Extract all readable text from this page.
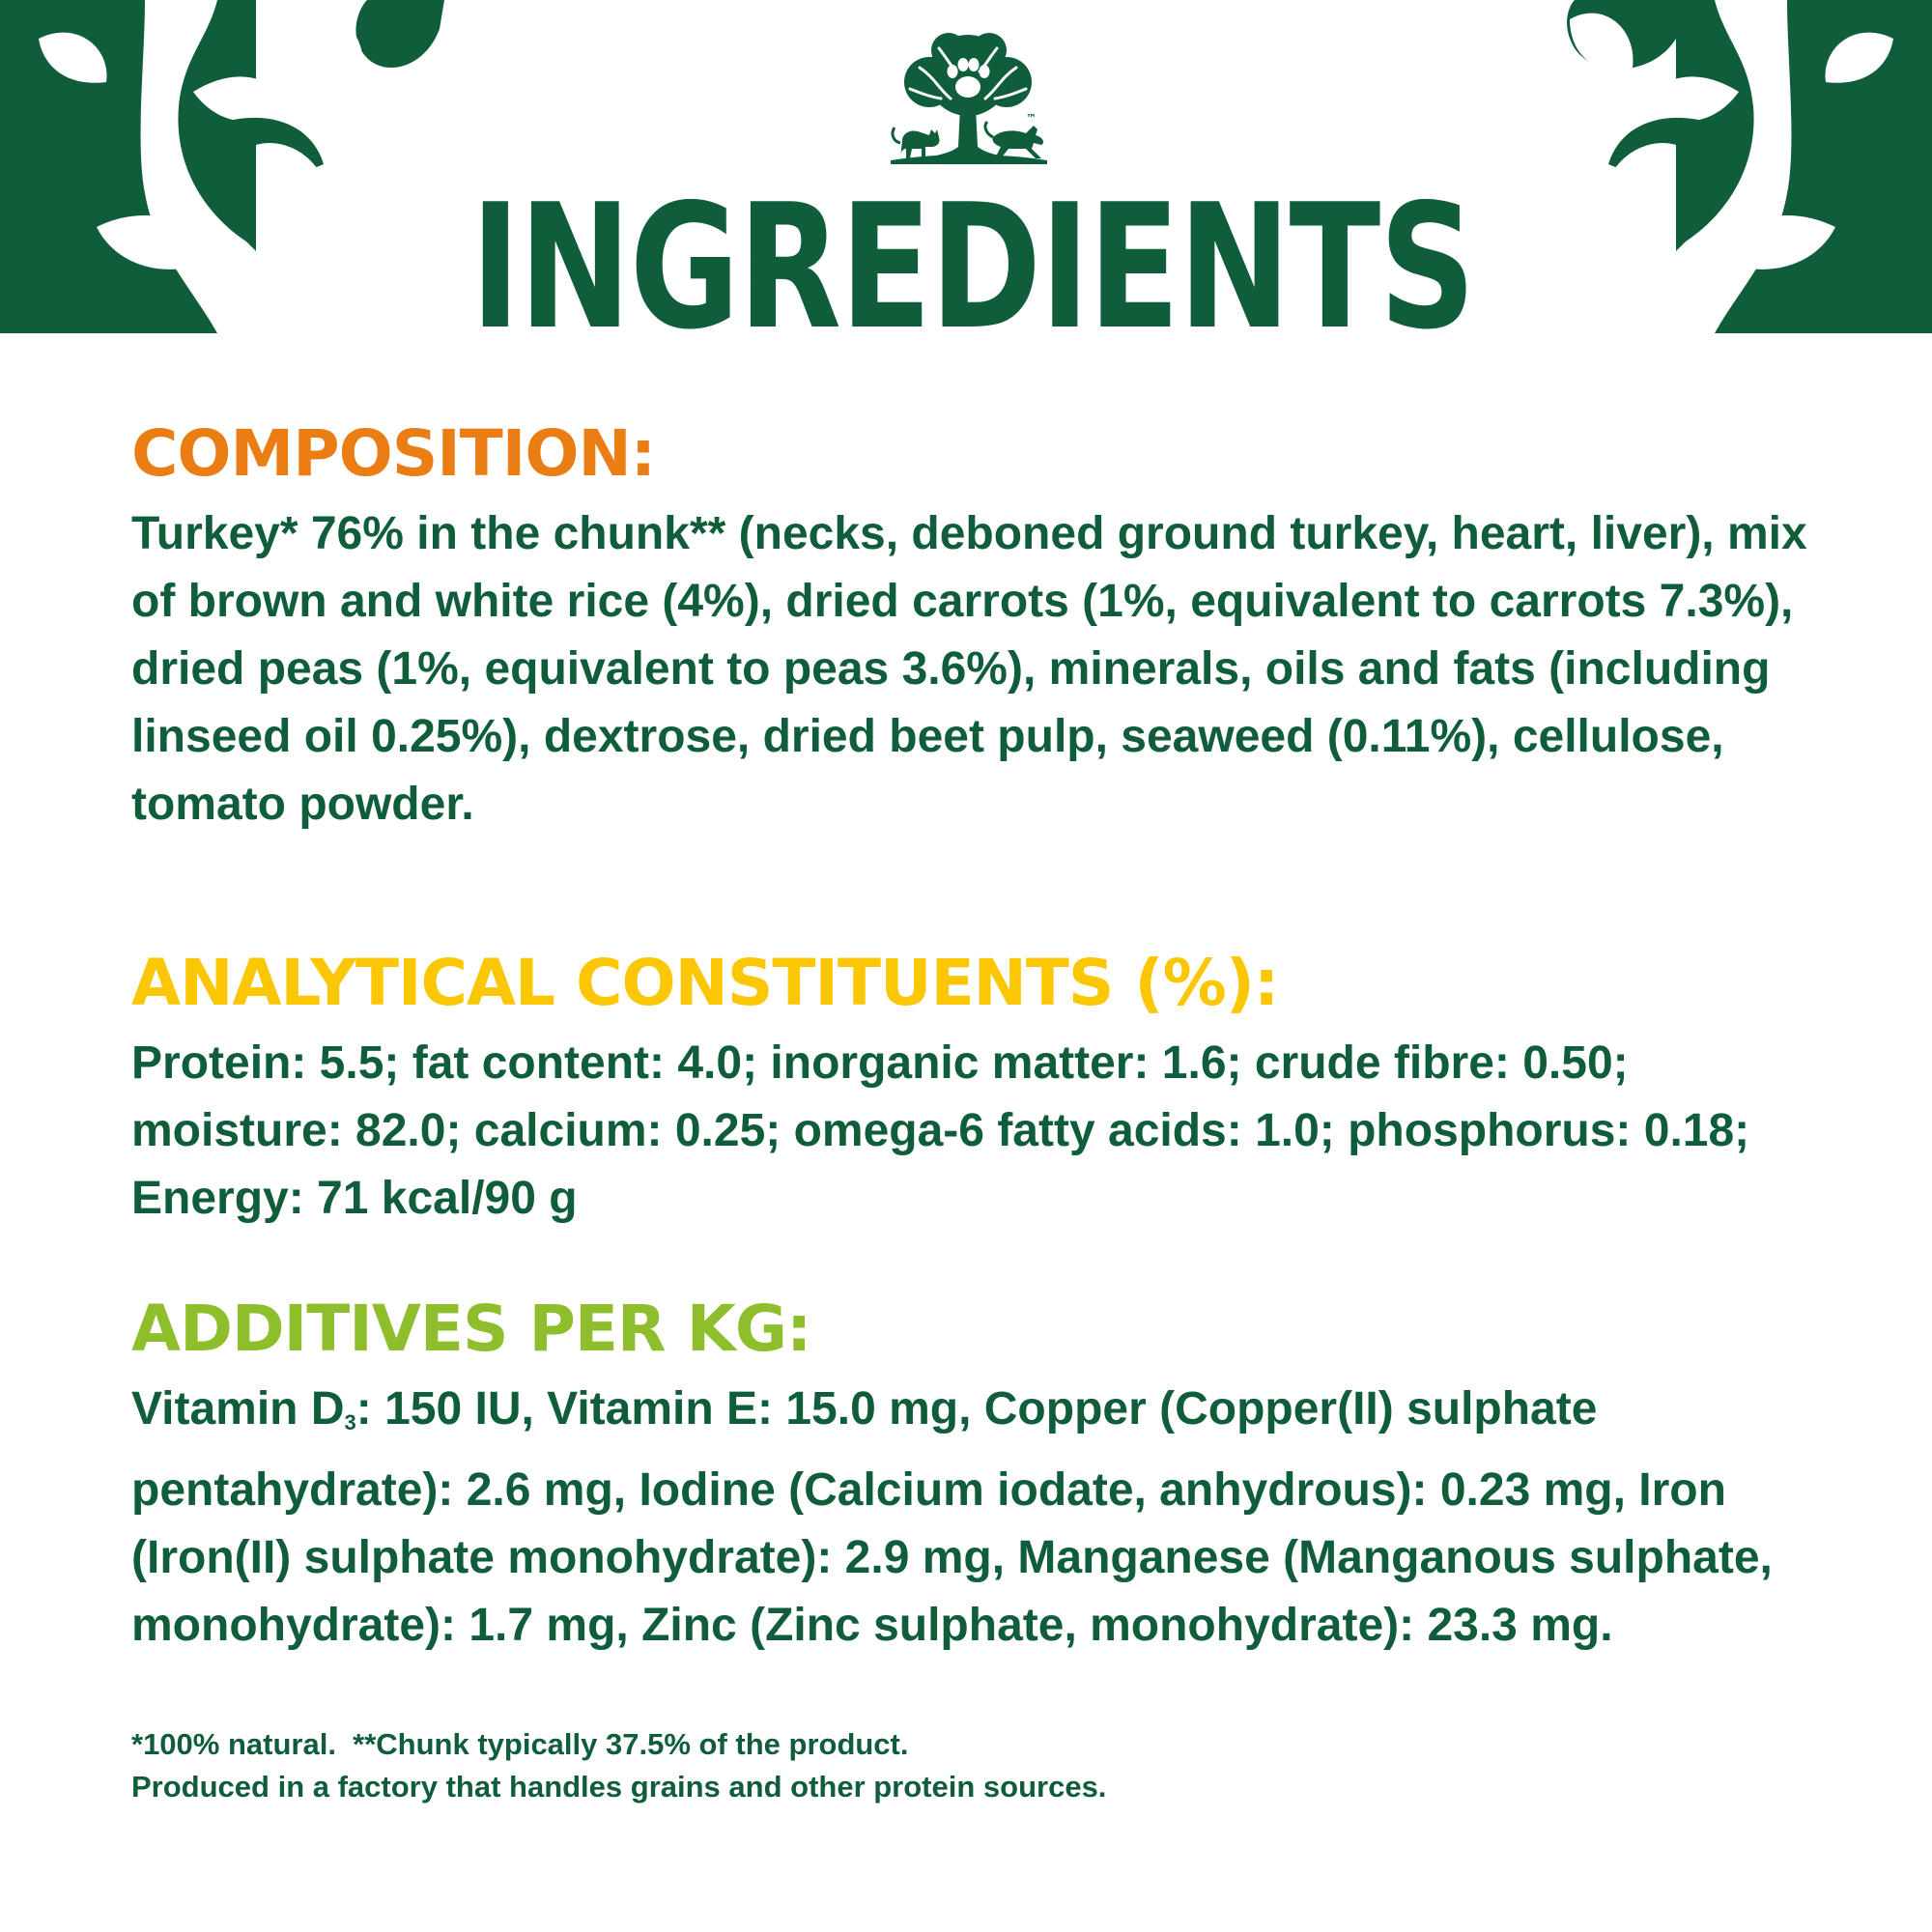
™
INGREDIENTS
COMPOSITION:

Turkey* 76% in the chunk** (necks, deboned ground turkey, heart, liver), mix of brown and white rice (4%), dried carrots (1%, equivalent to carrots 7.3%), dried peas (1%, equivalent to peas 3.6%), minerals, oils and fats (including linseed oil 0.25%), dextrose, dried beet pulp, seaweed (0.11%), cellulose, tomato powder.

ANALYTICAL CONSTITUENTS (%):

Protein: 5.5; fat content: 4.0; inorganic matter: 1.6; crude fibre: 0.50; moisture: 82.0; calcium: 0.25; omega-6 fatty acids: 1.0; phosphorus: 0.18; Energy: 71 kcal/90 g

ADDITIVES PER KG:

Vitamin $D_3$: 150 IU, Vitamin E: 15.0 mg, Copper (Copper(II) sulphate pentahydrate): 2.6 mg, Iodine (Calcium iodate, anhydrous): 0.23 mg, Iron (Iron(II) sulphate monohydrate): 2.9 mg, Manganese (Manganous sulphate, monohydrate): 1.7 mg, Zinc (Zinc sulphate, monohydrate): 23.3 mg.

*100% natural.  **Chunk typically 37.5% of the product.
Produced in a factory that handles grains and other protein sources.
